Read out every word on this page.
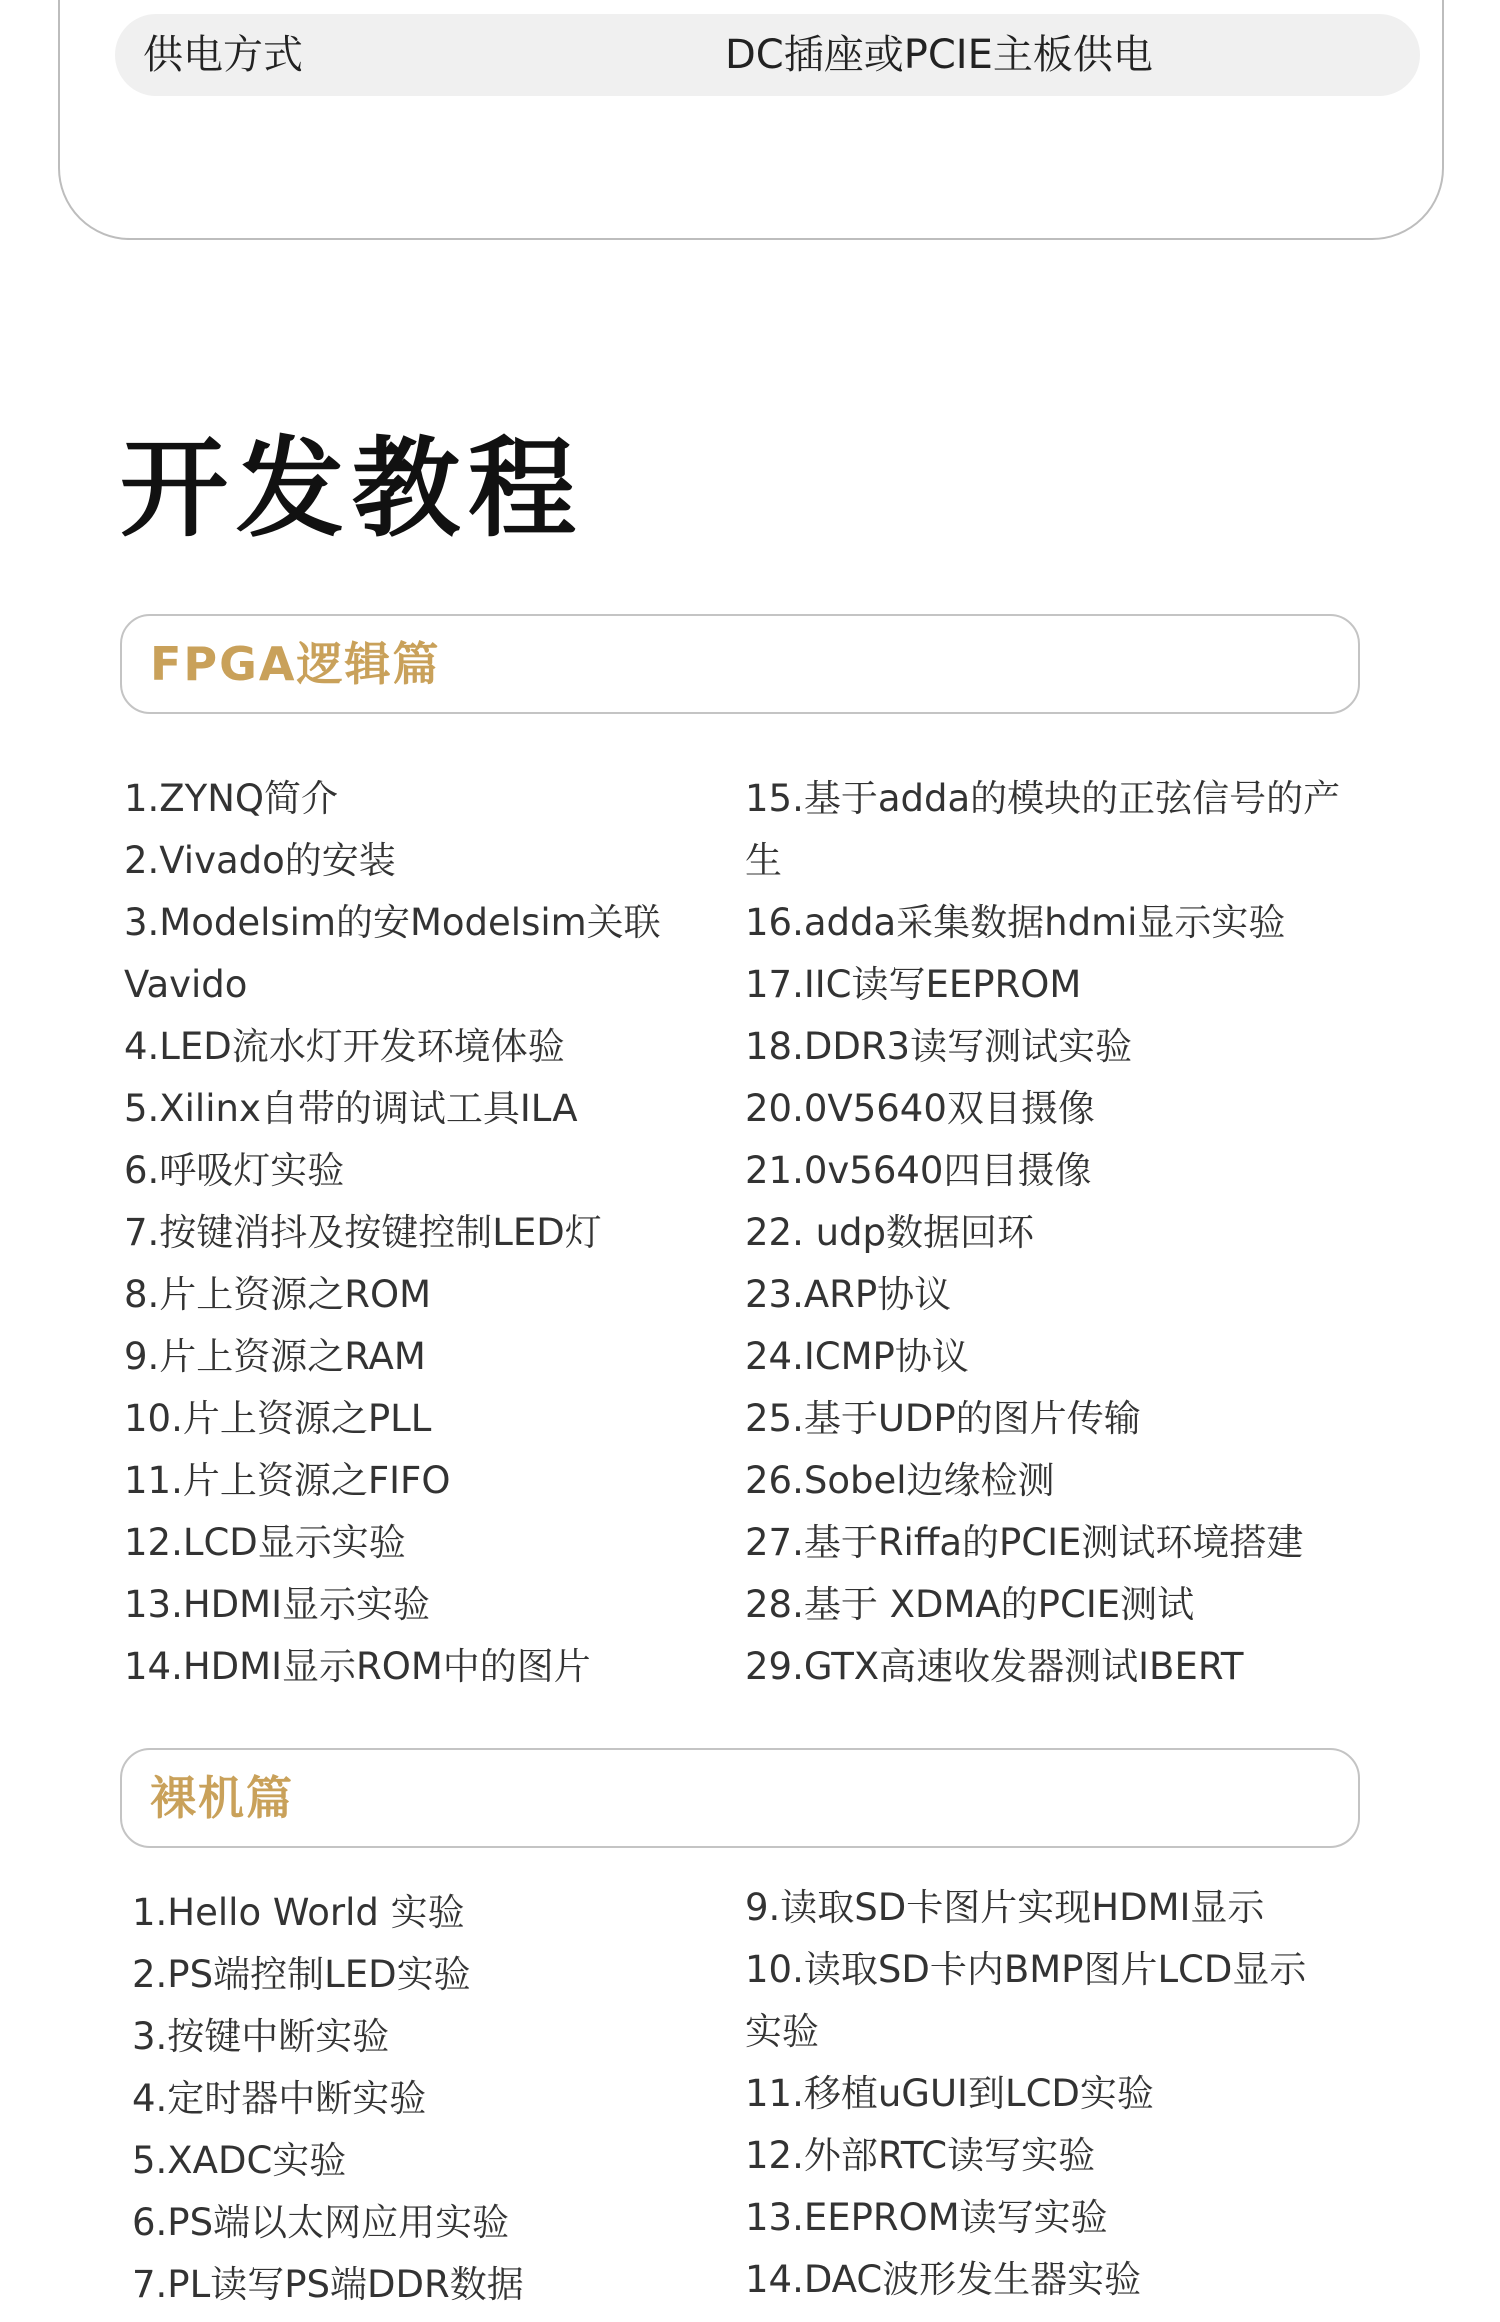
供电方式	DC插座或PCIE主板供电
开发教程
FPGA逻辑篇
1.ZYNQ简介
2.Vivado的安装
3.Modelsim的安Modelsim关联Vavido
4.LED流水灯开发环境体验
5.Xilinx自带的调试工具ILA
6.呼吸灯实验
7.按键消抖及按键控制LED灯
8.片上资源之ROM
9.片上资源之RAM
10.片上资源之PLL
11.片上资源之FIFO
12.LCD显示实验
13.HDMI显示实验
14.HDMI显示ROM中的图片
15.基于adda的模块的正弦信号的产生
16.adda采集数据hdmi显示实验
17.IIC读写EEPROM
18.DDR3读写测试实验
20.0V5640双目摄像
21.0v5640四目摄像
22. udp数据回环
23.ARP协议
24.ICMP协议
25.基于UDP的图片传输
26.Sobel边缘检测
27.基于Riffa的PCIE测试环境搭建
28.基于 XDMA的PCIE测试
29.GTX高速收发器测试IBERT
裸机篇
1.Hello World 实验
2.PS端控制LED实验
3.按键中断实验
4.定时器中断实验
5.XADC实验
6.PS端以太网应用实验
7.PL读写PS端DDR数据
9.读取SD卡图片实现HDMI显示
10.读取SD卡内BMP图片LCD显示实验
11.移植uGUI到LCD实验
12.外部RTC读写实验
13.EEPROM读写实验
14.DAC波形发生器实验
